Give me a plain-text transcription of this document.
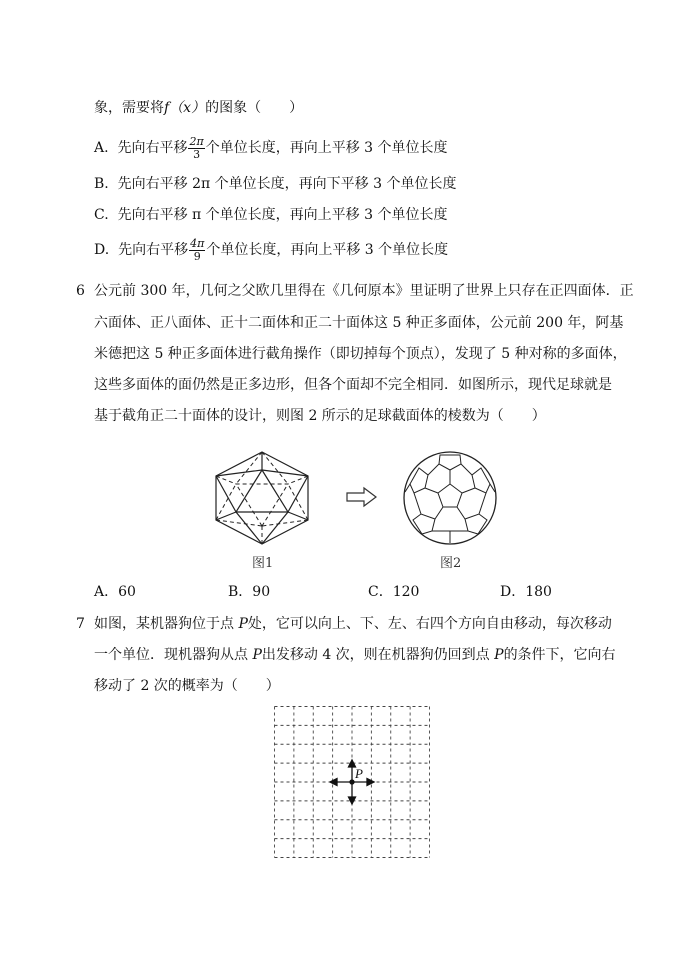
象，需要将f（x）的图象（　　）
A. 先向右平移 $\frac{2\pi}{3}$ 个单位长度，再向上平移 3 个单位长度
B. 先向右平移 2π 个单位长度，再向下平移 3 个单位长度
C. 先向右平移 π 个单位长度，再向上平移 3 个单位长度
D. 先向右平移 $\frac{4\pi}{9}$ 个单位长度，再向上平移 3 个单位长度
6 公元前 300 年，几何之父欧几里得在《几何原本》里证明了世界上只存在正四面体．正
六面体、正八面体、正十二面体和正二十面体这 5 种正多面体，公元前 200 年，阿基
米德把这 5 种正多面体进行截角操作（即切掉每个顶点），发现了 5 种对称的多面体，
这些多面体的面仍然是正多边形，但各个面却不完全相同．如图所示，现代足球就是
基于截角正二十面体的设计，则图 2 所示的足球截面体的棱数为（　　）
图1	图2
A．60	B．90	C．120	D．180
7 如图，某机器狗位于点 P处，它可以向上、下、左、右四个方向自由移动，每次移动
一个单位．现机器狗从点 P出发移动 4 次，则在机器狗仍回到点 P的条件下，它向右
移动了 2 次的概率为（　　）
P
